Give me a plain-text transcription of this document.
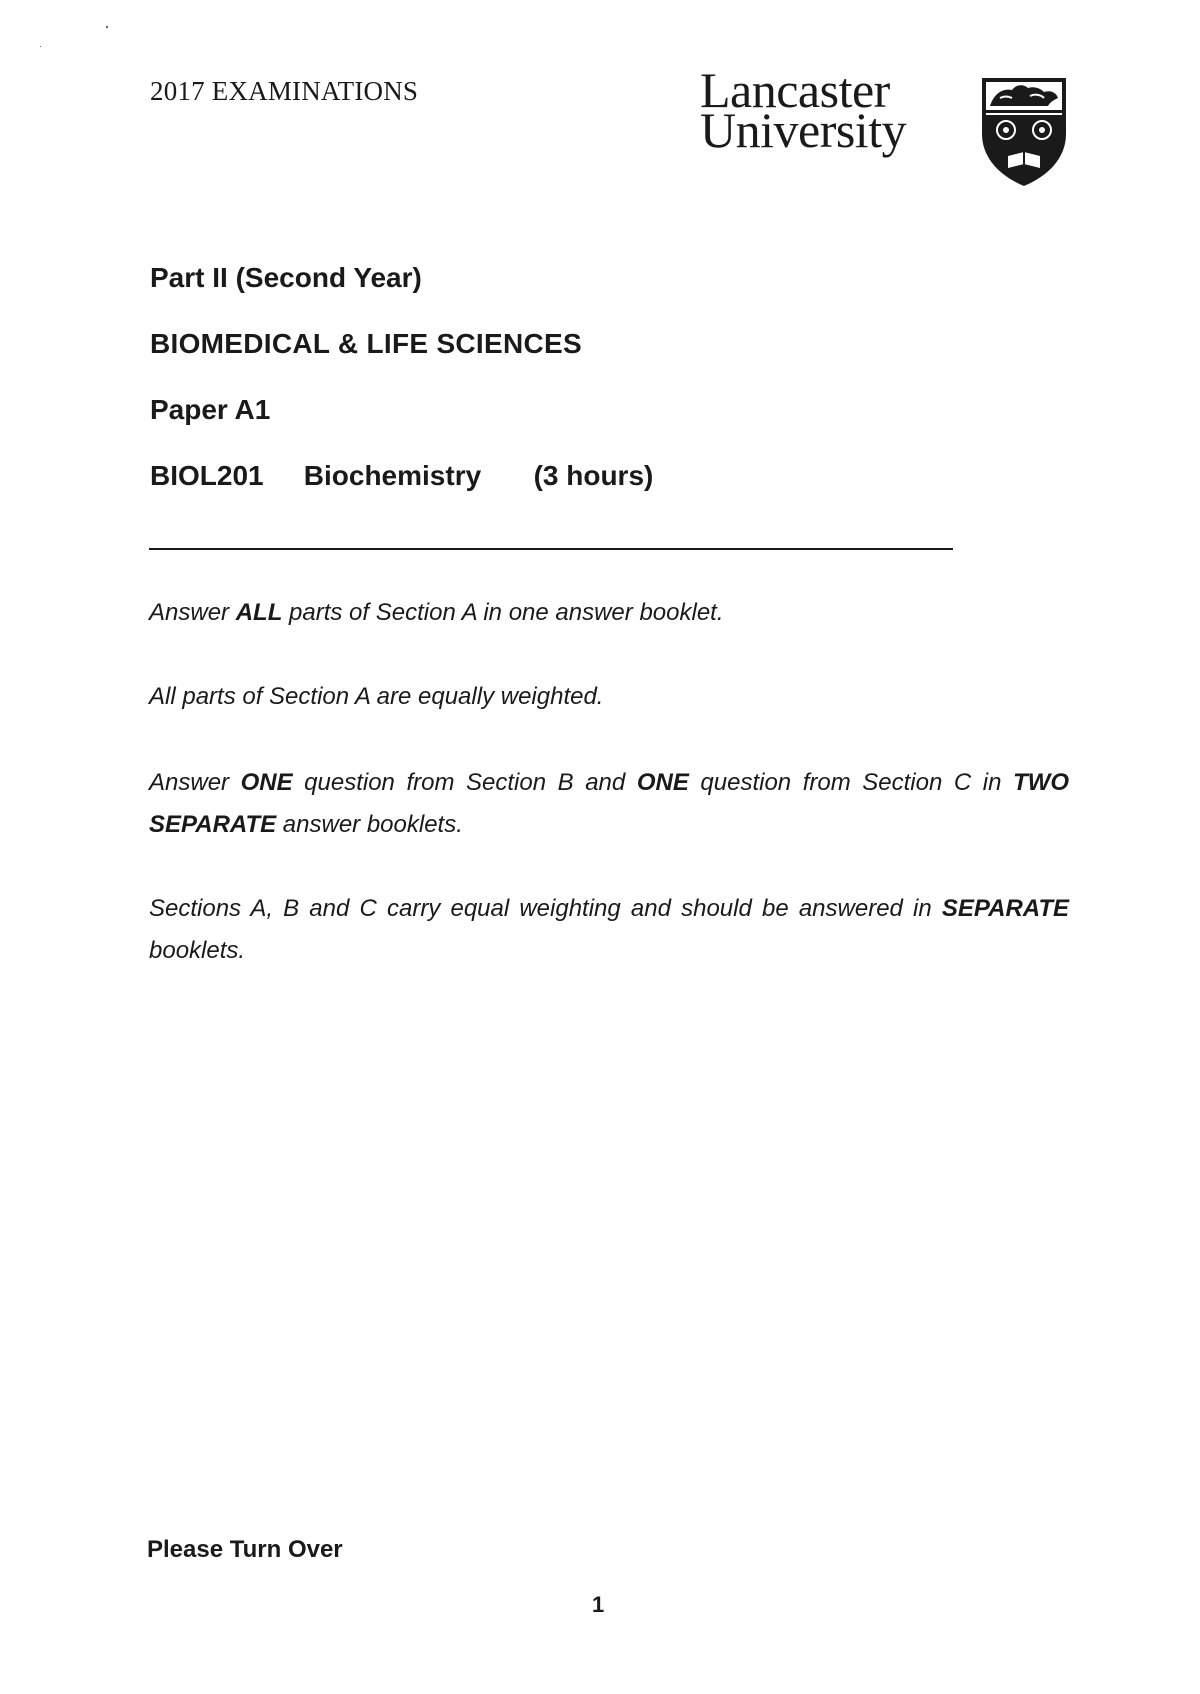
2017 EXAMINATIONS	Lancaster
University
Part II (Second Year)
BIOMEDICAL & LIFE SCIENCES
Paper A1
BIOL201 Biochemistry (3 hours)
Answer ALL parts of Section A in one answer booklet.
All parts of Section A are equally weighted.
Answer ONE question from Section B and ONE question from Section C in TWO SEPARATE answer booklets.
Sections A, B and C carry equal weighting and should be answered in SEPARATE booklets.
Please Turn Over
1
